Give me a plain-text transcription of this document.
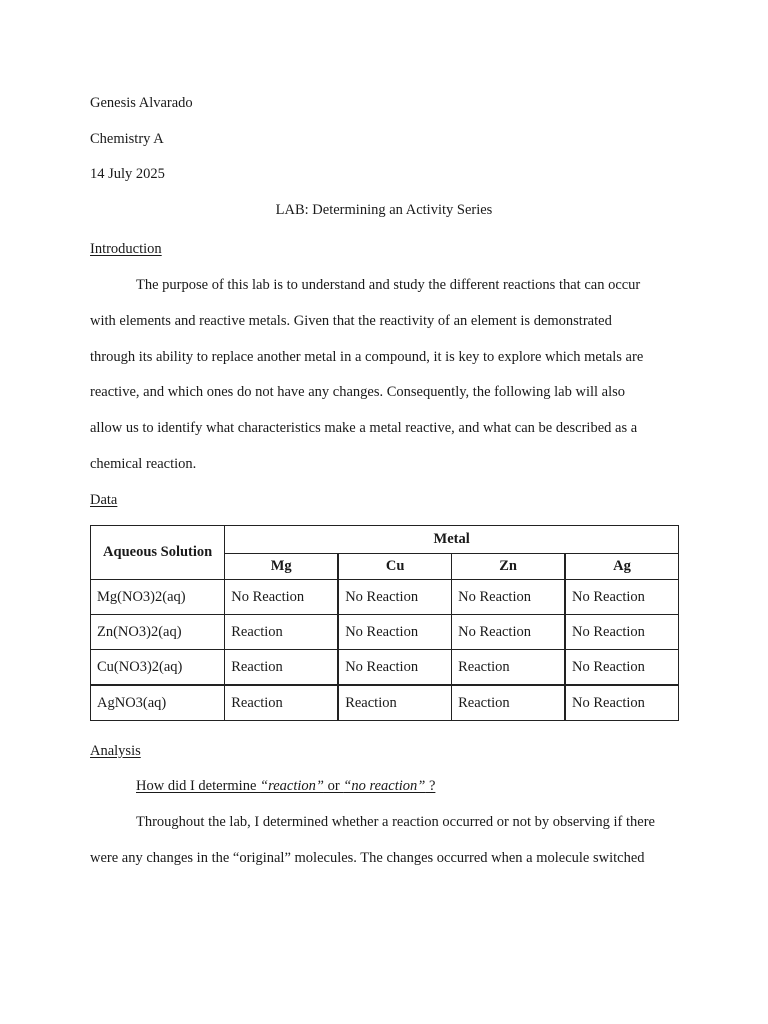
Genesis Alvarado
Chemistry A
14 July 2025
LAB: Determining an Activity Series
Introduction
The purpose of this lab is to understand and study the different reactions that can occur
with elements and reactive metals. Given that the reactivity of an element is demonstrated
through its ability to replace another metal in a compound, it is key to explore which metals are
reactive, and which ones do not have any changes. Consequently, the following lab will also
allow us to identify what characteristics make a metal reactive, and what can be described as a
chemical reaction.
Data
Aqueous Solution	Metal			
	Mg	Cu	Zn	Ag
Mg(NO3)2(aq)	No Reaction	No Reaction	No Reaction	No Reaction
Zn(NO3)2(aq)	Reaction	No Reaction	No Reaction	No Reaction
Cu(NO3)2(aq)	Reaction	No Reaction	Reaction	No Reaction
AgNO3(aq)	Reaction	Reaction	Reaction	No Reaction
Analysis
How did I determine “reaction” or “no reaction” ?
Throughout the lab, I determined whether a reaction occurred or not by observing if there
were any changes in the “original” molecules. The changes occurred when a molecule switched
